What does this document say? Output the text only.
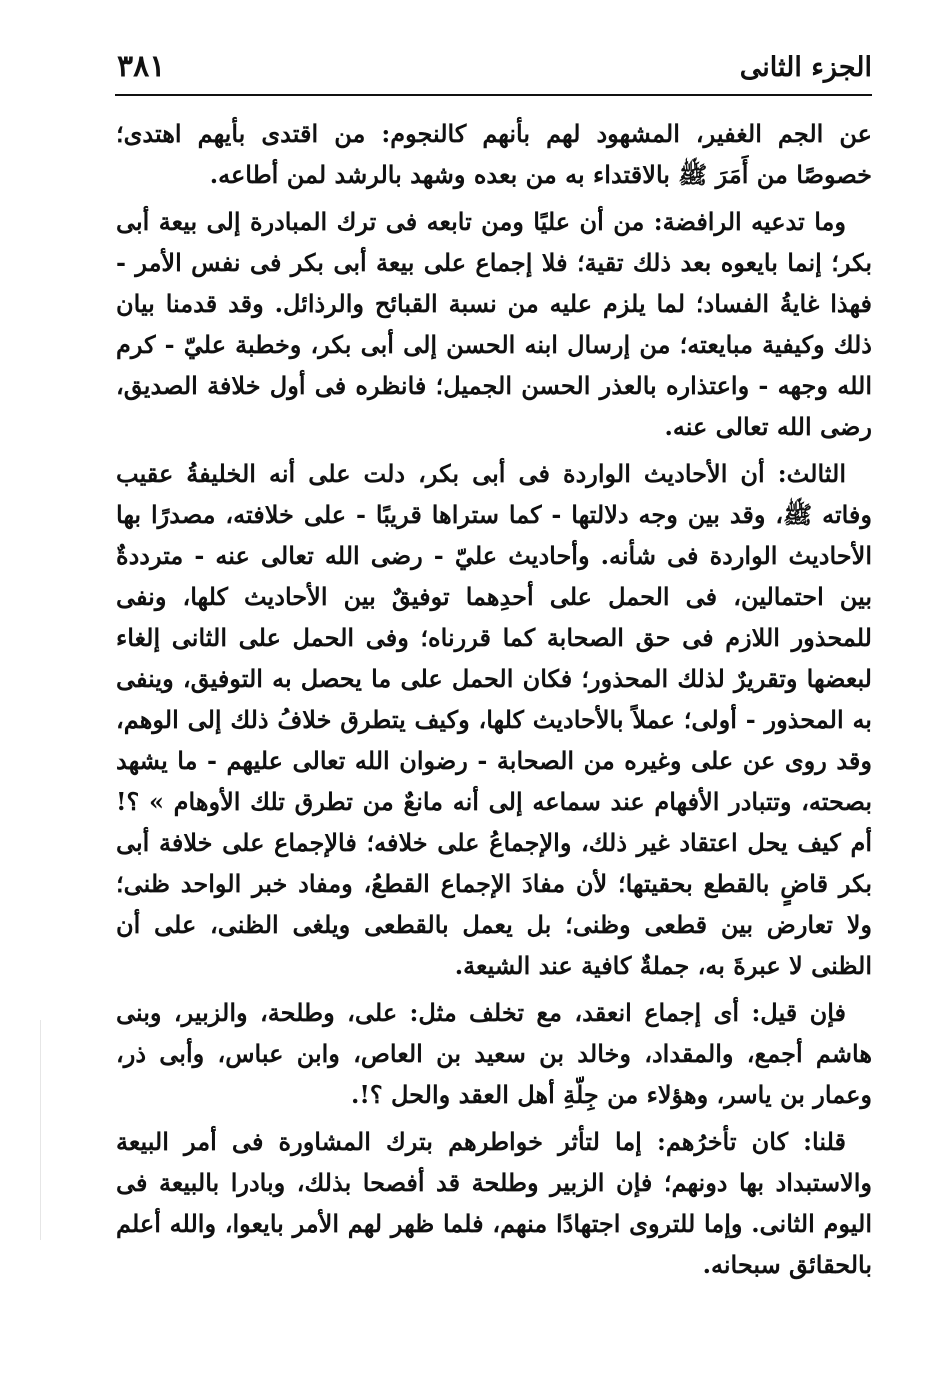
الجزء الثانى
٣٨١

عن الجم الغفير، المشهود لهم بأنهم كالنجوم: من اقتدى بأيهم اهتدى؛ خصوصًا من أَمَرَ ﷺ بالاقتداء به من بعده وشهد بالرشد لمن أطاعه.

وما تدعيه الرافضة: من أن عليًا ومن تابعه فى ترك المبادرة إلى بيعة أبى بكر؛ إنما بايعوه بعد ذلك تقية؛ فلا إجماع على بيعة أبى بكر فى نفس الأمر - فهذا غايةُ الفساد؛ لما يلزم عليه من نسبة القبائح والرذائل. وقد قدمنا بيان ذلك وكيفية مبايعته؛ من إرسال ابنه الحسن إلى أبى بكر، وخطبة عليّ - كرم الله وجهه - واعتذاره بالعذر الحسن الجميل؛ فانظره فى أول خلافة الصديق، رضى الله تعالى عنه.

الثالث: أن الأحاديث الواردة فى أبى بكر، دلت على أنه الخليفةُ عقيب وفاته ﷺ، وقد بين وجه دلالتها - كما ستراها قريبًا - على خلافته، مصدرًا بها الأحاديث الواردة فى شأنه. وأحاديث عليّ - رضى الله تعالى عنه - مترددةٌ بين احتمالين، فى الحمل على أحدِهما توفيقٌ بين الأحاديث كلها، ونفى للمحذور اللازم فى حق الصحابة كما قررناه؛ وفى الحمل على الثانى إلغاء لبعضها وتقريرٌ لذلك المحذور؛ فكان الحمل على ما يحصل به التوفيق، وينفى به المحذور - أولى؛ عملاً بالأحاديث كلها، وكيف يتطرق خلافُ ذلك إلى الوهم، وقد روى عن على وغيره من الصحابة - رضوان الله تعالى عليهم - ما يشهد بصحته، وتتبادر الأفهام عند سماعه إلى أنه مانعٌ من تطرق تلك الأوهام » ؟! أم كيف يحل اعتقاد غير ذلك، والإجماعُ على خلافه؛ فالإجماع على خلافة أبى بكر قاضٍ بالقطع بحقيتها؛ لأن مفادَ الإجماع القطعُ، ومفاد خبر الواحد ظنى؛ ولا تعارض بين قطعى وظنى؛ بل يعمل بالقطعى ويلغى الظنى، على أن الظنى لا عبرةَ به، جملةٌ كافية عند الشيعة.

فإن قيل: أى إجماع انعقد، مع تخلف مثل: على، وطلحة، والزبير، وبنى هاشم أجمع، والمقداد، وخالد بن سعيد بن العاص، وابن عباس، وأبى ذر، وعمار بن ياسر، وهؤلاء من جِلّةِ أهل العقد والحل ؟!.

قلنا: كان تأخرُهم: إما لتأثر خواطرهم بترك المشاورة فى أمر البيعة والاستبداد بها دونهم؛ فإن الزبير وطلحة قد أفصحا بذلك، وبادرا بالبيعة فى اليوم الثانى. وإما للتروى اجتهادًا منهم، فلما ظهر لهم الأمر بايعوا، والله أعلم بالحقائق سبحانه.
